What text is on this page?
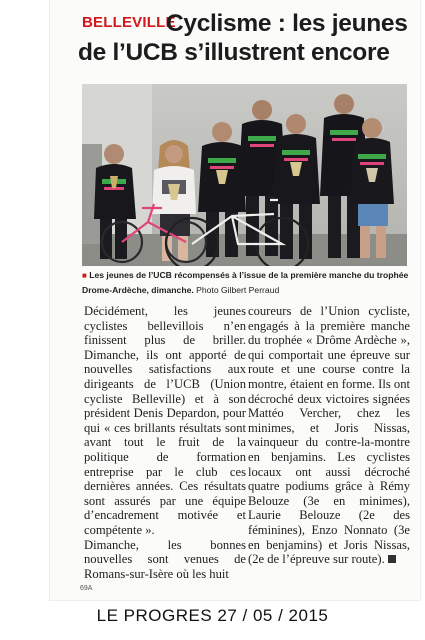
BELLEVILLE
Cyclisme : les jeunes
de l’UCB s’illustrent encore
■ Les jeunes de l’UCB récompensés à l’issue de la première manche du trophée Drome-Ardèche, dimanche. Photo Gilbert Perraud

Décidément, les jeunes cyclistes bellevillois n’en finissent plus de briller. Dimanche, ils ont apporté de nouvelles satisfactions aux dirigeants de l’UCB (Union cycliste Belleville) et à son président Denis Depardon, pour qui « ces brillants résultats sont avant tout le fruit de la politique de formation entreprise par le club ces dernières années. Ces résultats sont assurés par une équipe d’encadrement motivée et compétente ».

Dimanche, les bonnes nouvelles sont venues de Romans-sur-Isère où les huit

coureurs de l’Union cycliste, engagés à la première manche du trophée « Drôme Ardèche », qui comportait une épreuve sur route et une course contre la montre, étaient en forme. Ils ont décroché deux victoires signées Mattéo Vercher, chez les minimes, et Joris Nissas, vainqueur du contre-la-montre en benjamins. Les cyclistes locaux ont aussi décroché quatre podiums grâce à Rémy Belouze (3e en minimes), Laurie Belouze (2e des féminines), Enzo Nonnato (3e en benjamins) et Joris Nissas, (2e de l’épreuve sur route).

69A
LE PROGRES 27 / 05 / 2015
